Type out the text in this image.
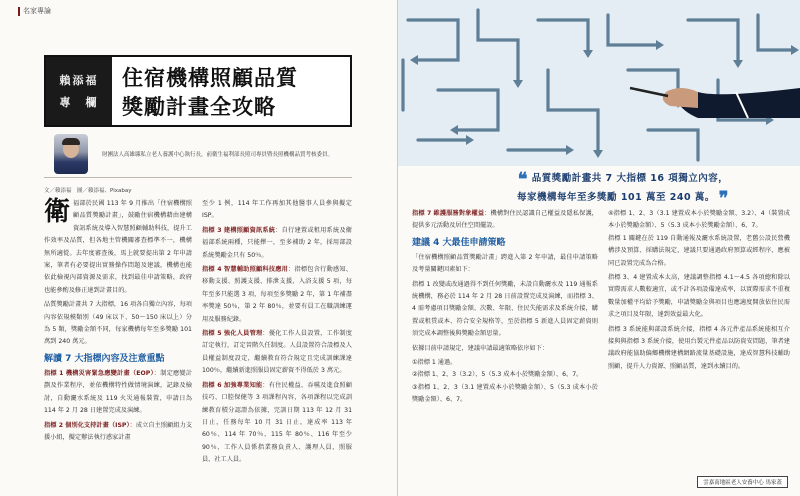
名家專論
賴添福
專　欄
住宿機構照顧品質
獎勵計畫全攻略
財團法人高雄縣私立老人養護中心執行長，前衛生福利部長照司專員暨長照機構品質考核委員。
文／賴添福　圖／賴添福、Pixabay

衛福部於民國 113 年 9 月推出「住宿機構照顧品質獎勵計畫」，鼓勵住宿機構藉由建構資訊系統及導入智慧照顧輔助科技，提升工作效率及品質，但各地主管機關審查標準不一，機構無所適從。去年度審查後，馬上就要提出第 2 年申請案，筆者有必要提出實務操作問題及建議，機構也能依此檢視內部資源及需求，找到最佳申請策略，政府也能參酌及修正達到計畫目的。

品質獎勵計畫共 7 大指標，16 項各自獨立內容，每項內容依規模類別（49 床以下、50～150 床以上）分為 5 類，獎勵金額不同，每家機構每年至多獎勵 101 萬到 240 萬元。

解讀 7 大指標內容及注意重點

指標 1 機構災害緊急應變計畫（EOP）：制定應變計劃及作業程序，並依機構特性做情境演練，記錄及檢討，自動灑水系統及 119 火災通報裝置，申請日為 114 年 2 月 28 日建置完成及演練。

指標 2 個別化支持計畫（ISP）：成立自主照顧組力支援小組，擬定辦法執行惑家計畫

至少 1 例，114 年工作再加其他醫事人員參與擬定 ISP。

指標 3 建構照顧資訊系統：自行建置或租用系統及衛福部系統兩種，只能擇一，至多補助 2 年，採用部設系統獎勵金只有 50％。

指標 4 智慧輔助照顧科技應用：指標包含行動感知、移動支援、照護支援、排泄支援、入浴支援 5 項，每年至多只能選 3 項，每項至多獎勵 2 年，第 1 年補盡率獎達 50％，第 2 年 80％，並要有員工在職訓練運用及服務紀錄。

指標 5 強化人員管理：優化工作人員設置，工作制度訂定執行，訂定晉階久任制度。人員設置符合設標及人員權益制度設定，繼續教育符合規定且完成訓練課達 100％，繼續新進照服員固定薪資不得低於 3 萬元。

指標 6 加強專業知能：有住民權益、吞嚥及進食照顧技巧、口腔保健等 3 項課程內容，各項課程以完成訓練教育積分認證為依據，完訓日期 113 年 12 月 31 日止，任務每年 10 月 31 日止，達成率 113 年 60％、114 年 70％、115 年 80％、116 年至少 90％，工作人員係指業務負責人、護理人員、照服員、社工人員。

❝ 品質獎勵計畫共 7 大指標 16 項獨立內容，
每家機構每年至多獎勵 101 萬至 240 萬。 ❞

指標 7 維護服務對象權益：機構對住民認識自己權益及隱私保護，提供多元活動及居住空間擺設。

建議 4 大最佳申請策略

「住宿機構照顧品質獎勵計畫」跨進入第 2 年申請，最佳申請策略及考量關鍵因素如下：

指標 1 改變或改通過得不到任何獎勵，未設自動灑水及 119 通報系統機構，務必於 114 年 2 月 28 日前設置完成及演練，而指標 3、4 需考慮項目獎勵金額、次數、年限、住民失能需求及系統介接，購置或租賃或本、符合安全規格等，至於指標 5 新進人員固定薪資則須完成本調整後與獎勵金額思量。

依據目前申請規定，建議申請最適策略依序如下：

①指標 1 通過。
②指標 1、2、3（3.2）、5（5.3 成本小於獎勵金額）、6、7。
③指標 1、2、3（3.1 建置成本小於獎勵金額）、5（5.3 成本小於獎勵金額）、6、7。
④指標 1、2、3（3.1 建置成本小於獎勵金額、3.2）、4（裝置成本小於獎勵金額）、5（5.3 成本小於獎勵金額）、6、7。

指標 1 關鍵在於 119 自動通報及灑水系統設置，老舊公設民營機構涉及預算、採購法規定，建議只要通過政府預算或經程序，應被同已設置完成為合格。

指標 3、4 建置成本太高，建議調整指標 4.1～4.5 各項總和除以實際需求人數較適宜，或不計各項設備達成率，以實際需求不重複數量加權平均給予獎勵，申請獎勵金與項目也應適度開放依住民需求之項目及年限，達到效益最大化。

指標 3 系統能與部設系統介接，指標 4 各元件產品系統能相互介接與與指標 3 系統介接，使用台製元件產品以防資安問題，筆者建議政府能協助偏鄉機構建構網路流量基礎設施，達成智慧科技輔助照顧，提升人力資源、照顧品質，達到永續目的。

雲嘉南地區老人安養中心 馬家蓋
